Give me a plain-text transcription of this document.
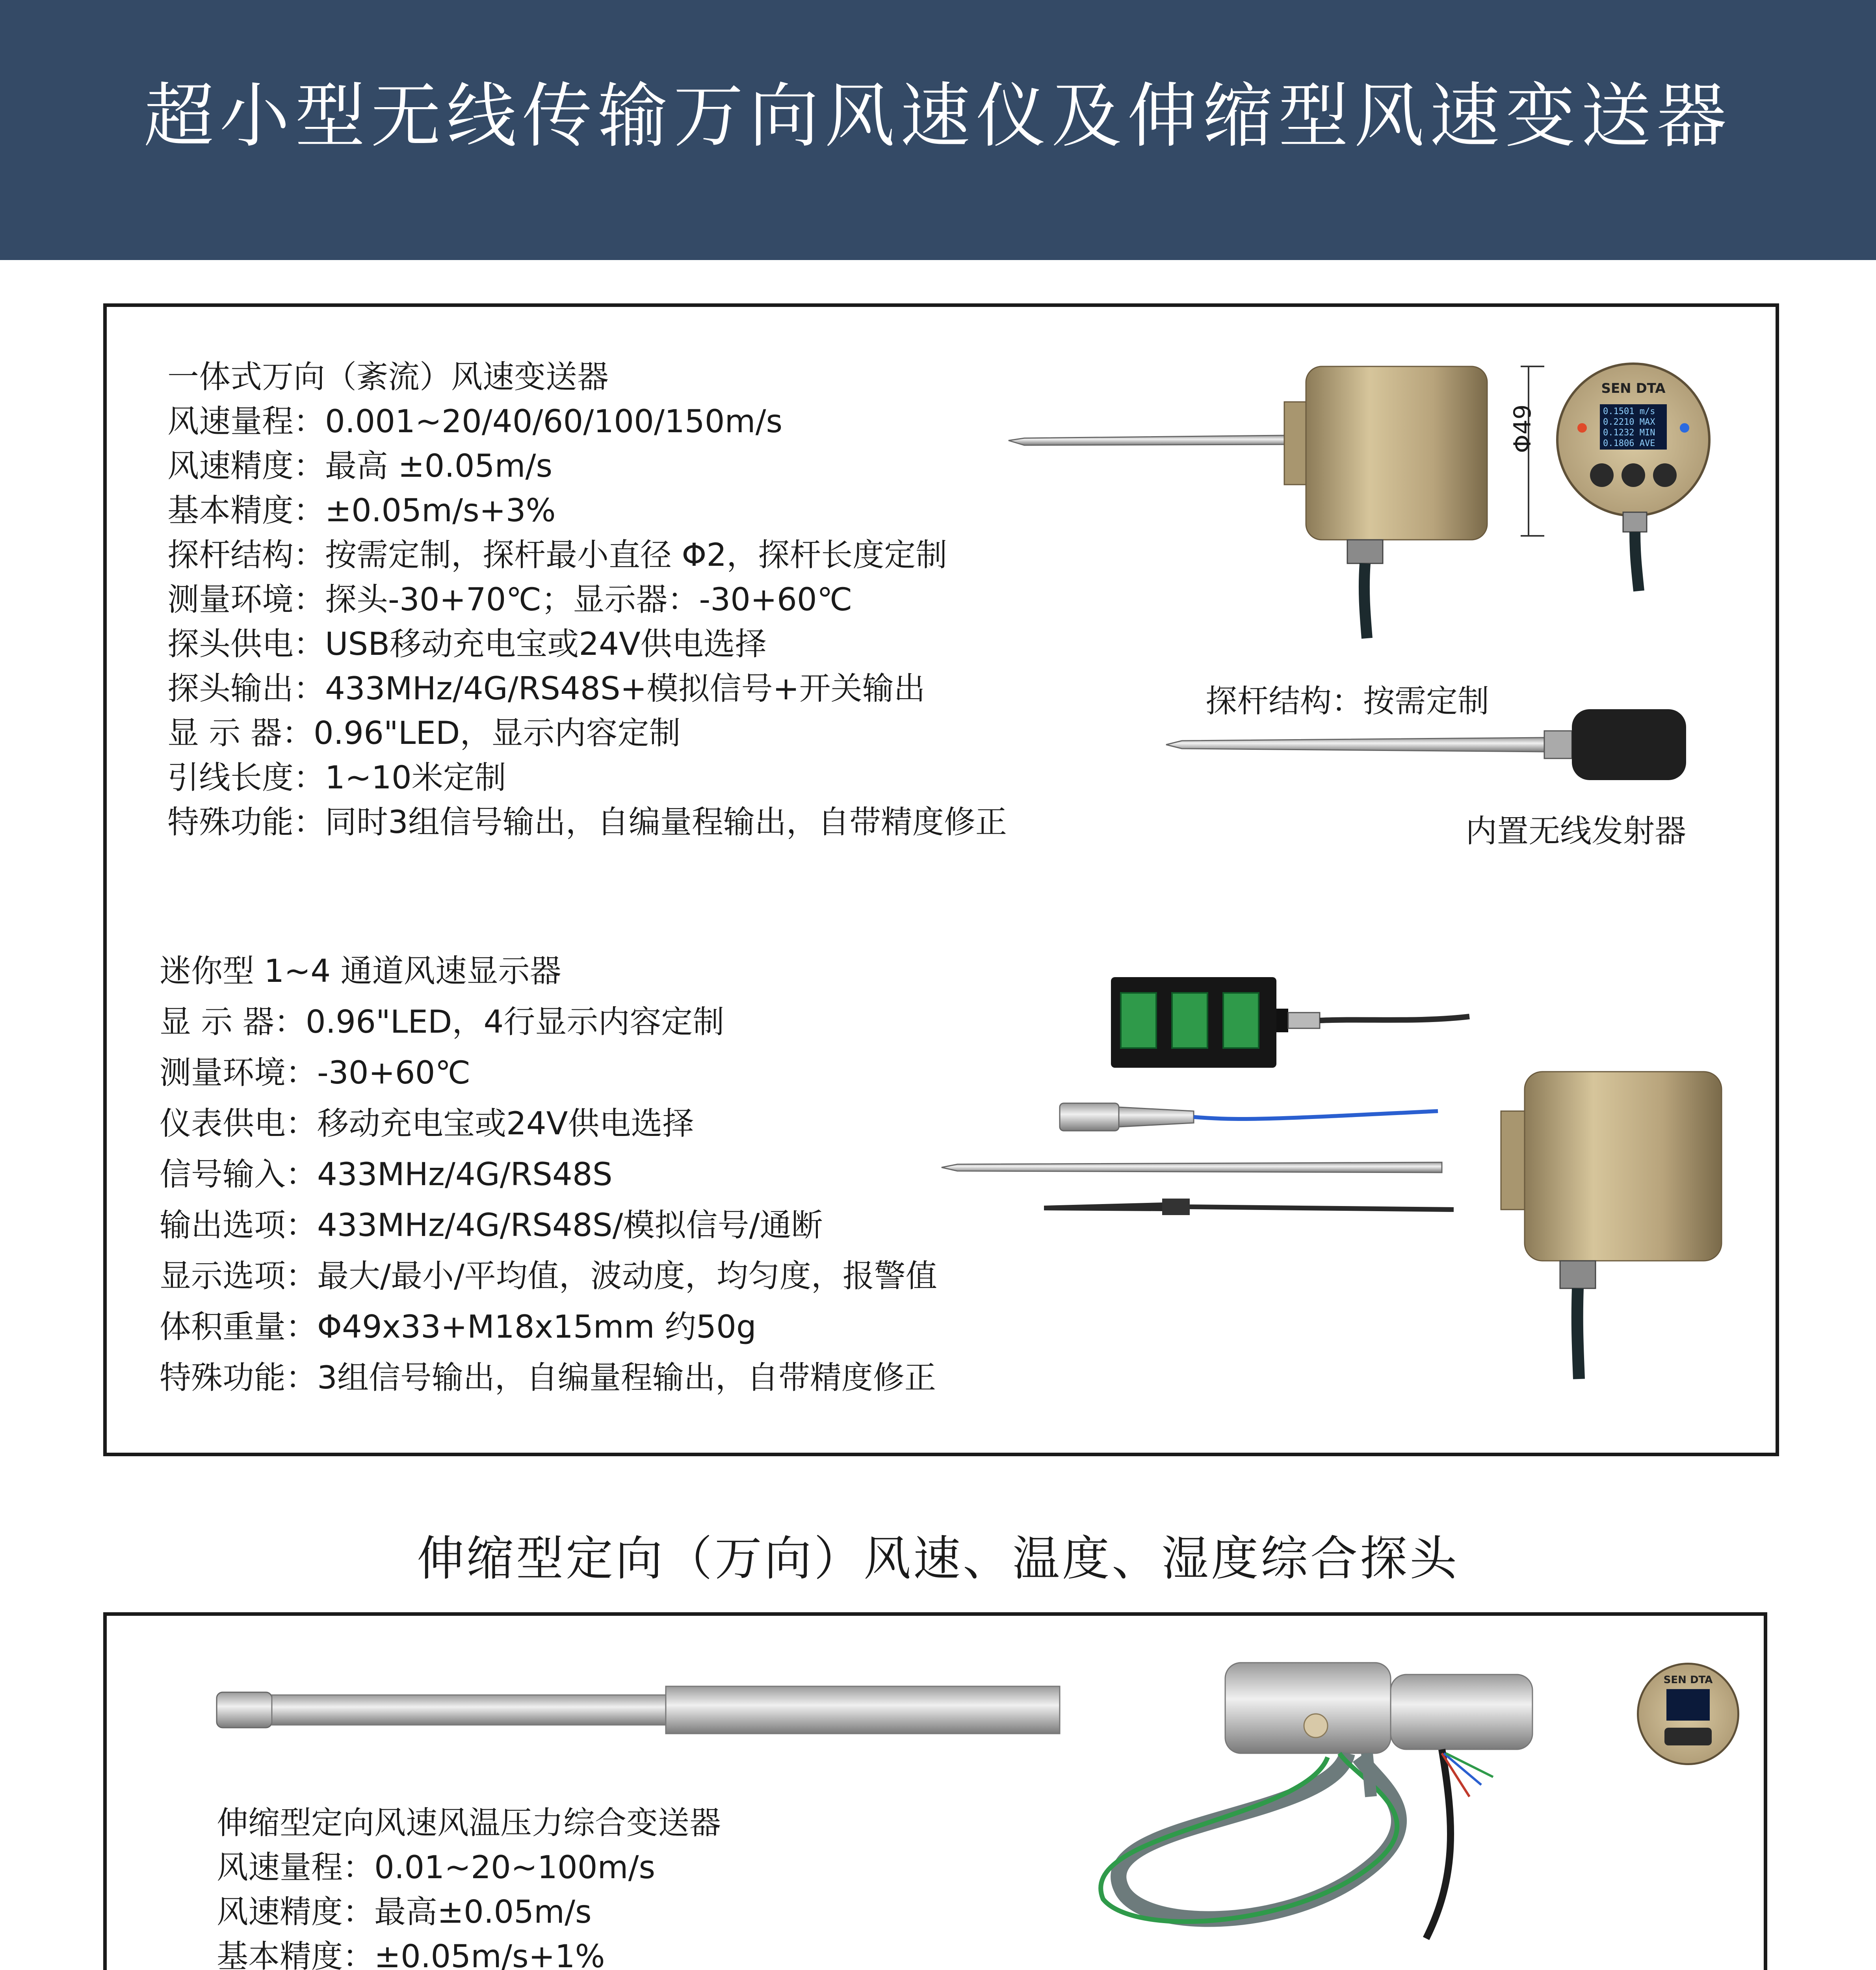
超小型无线传输万向风速仪及伸缩型风速变送器
一体式万向（紊流）风速变送器
风速量程：0.001~20/40/60/100/150m/s
风速精度：最高 ±0.05m/s
基本精度：±0.05m/s+3%
探杆结构：按需定制，探杆最小直径 Φ2，探杆长度定制
测量环境：探头-30+70℃；显示器：-30+60℃
探头供电：USB移动充电宝或24V供电选择
探头输出：433MHz/4G/RS48S+模拟信号+开关输出
显 示 器：0.96"LED，显示内容定制
引线长度：1~10米定制
特殊功能：同时3组信号输出，自编量程输出，自带精度修正
Φ49
SEN DTA
0.1501 m/s
0.2210 MAX
0.1232 MIN
0.1806 AVE
探杆结构：按需定制
内置无线发射器
迷你型 1~4 通道风速显示器
显 示 器：0.96"LED，4行显示内容定制
测量环境：-30+60℃
仪表供电：移动充电宝或24V供电选择
信号输入：433MHz/4G/RS48S
输出选项：433MHz/4G/RS48S/模拟信号/通断
显示选项：最大/最小/平均值，波动度，均匀度，报警值
体积重量：Φ49x33+M18x15mm 约50g
特殊功能：3组信号输出，自编量程输出，自带精度修正
伸缩型定向（万向）风速、温度、湿度综合探头
SEN DTA
伸缩型定向风速风温压力综合变送器
风速量程：0.01~20~100m/s
风速精度：最高±0.05m/s
基本精度：±0.05m/s+1%
